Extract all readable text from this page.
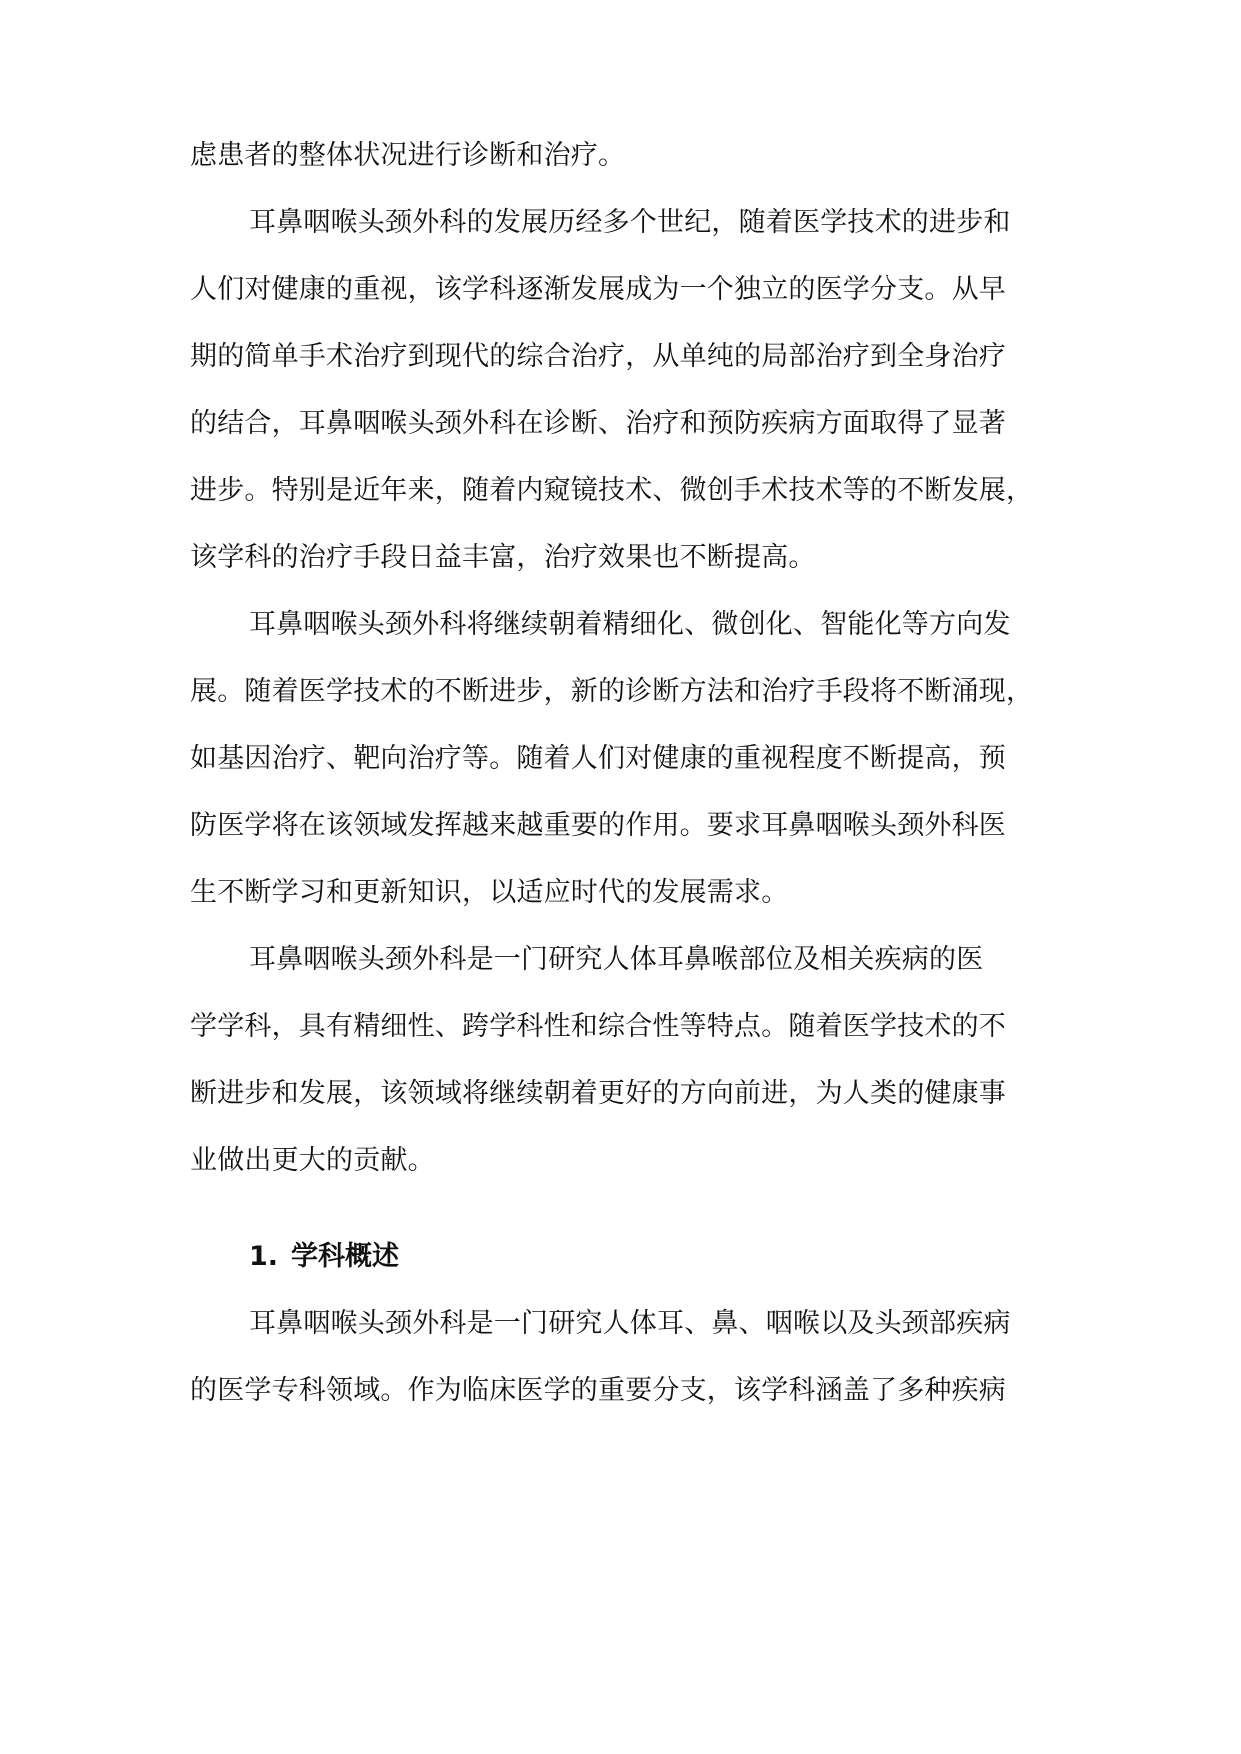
虑患者的整体状况进行诊断和治疗。
耳鼻咽喉头颈外科的发展历经多个世纪，随着医学技术的进步和
人们对健康的重视，该学科逐渐发展成为一个独立的医学分支。从早
期的简单手术治疗到现代的综合治疗，从单纯的局部治疗到全身治疗
的结合，耳鼻咽喉头颈外科在诊断、治疗和预防疾病方面取得了显著
进步。特别是近年来，随着内窥镜技术、微创手术技术等的不断发展，
该学科的治疗手段日益丰富，治疗效果也不断提高。
耳鼻咽喉头颈外科将继续朝着精细化、微创化、智能化等方向发
展。随着医学技术的不断进步，新的诊断方法和治疗手段将不断涌现，
如基因治疗、靶向治疗等。随着人们对健康的重视程度不断提高，预
防医学将在该领域发挥越来越重要的作用。要求耳鼻咽喉头颈外科医
生不断学习和更新知识，以适应时代的发展需求。
耳鼻咽喉头颈外科是一门研究人体耳鼻喉部位及相关疾病的医
学学科，具有精细性、跨学科性和综合性等特点。随着医学技术的不
断进步和发展，该领域将继续朝着更好的方向前进，为人类的健康事
业做出更大的贡献。
1. 学科概述
耳鼻咽喉头颈外科是一门研究人体耳、鼻、咽喉以及头颈部疾病
的医学专科领域。作为临床医学的重要分支，该学科涵盖了多种疾病
